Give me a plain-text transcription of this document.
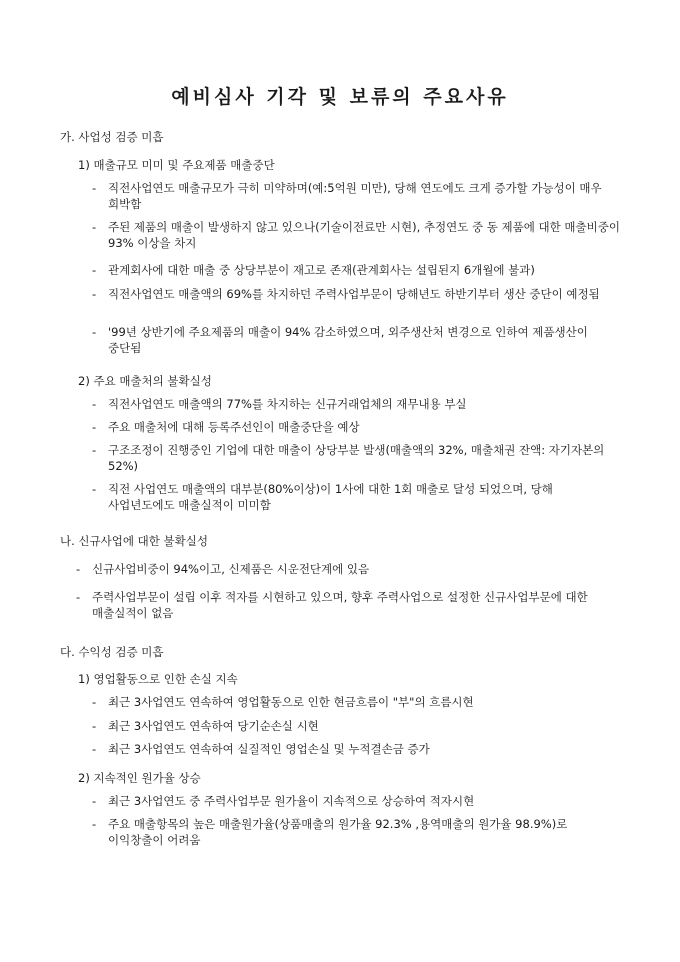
예비심사 기각 및 보류의 주요사유
가. 사업성 검증 미흡
1) 매출규모 미미 및 주요제품 매출중단
- 직전사업연도 매출규모가 극히 미약하며(예:5억원 미만), 당해 연도에도 크게 증가할 가능성이 매우 희박함
- 주된 제품의 매출이 발생하지 않고 있으나(기술이전료만 시현), 추정연도 중 동 제품에 대한 매출비중이 93% 이상을 차지
- 관계회사에 대한 매출 중 상당부분이 재고로 존재(관계회사는 설립된지 6개월에 불과)
- 직전사업연도 매출액의 69%를 차지하던 주력사업부문이 당해년도 하반기부터 생산 중단이 예정됨
- '99년 상반기에 주요제품의 매출이 94% 감소하였으며, 외주생산처 변경으로 인하여 제품생산이 중단됨
2) 주요 매출처의 불확실성
- 직전사업연도 매출액의 77%를 차지하는 신규거래업체의 재무내용 부실
- 주요 매출처에 대해 등록주선인이 매출중단을 예상
- 구조조정이 진행중인 기업에 대한 매출이 상당부분 발생(매출액의 32%, 매출채권 잔액: 자기자본의 52%)
- 직전 사업연도 매출액의 대부분(80%이상)이 1사에 대한 1회 매출로 달성 되었으며, 당해 사업년도에도 매출실적이 미미함
나. 신규사업에 대한 불확실성
- 신규사업비중이 94%이고, 신제품은 시운전단계에 있음
- 주력사업부문이 설립 이후 적자를 시현하고 있으며, 향후 주력사업으로 설정한 신규사업부문에 대한 매출실적이 없음
다. 수익성 검증 미흡
1) 영업활동으로 인한 손실 지속
- 최근 3사업연도 연속하여 영업활동으로 인한 현금흐름이 "부"의 흐름시현
- 최근 3사업연도 연속하여 당기순손실 시현
- 최근 3사업연도 연속하여 실질적인 영업손실 및 누적결손금 증가
2) 지속적인 원가율 상승
- 최근 3사업연도 중 주력사업부문 원가율이 지속적으로 상승하여 적자시현
- 주요 매출항목의 높은 매출원가율(상품매출의 원가율 92.3% ,용역매출의 원가율 98.9%)로 이익창출이 어려움
